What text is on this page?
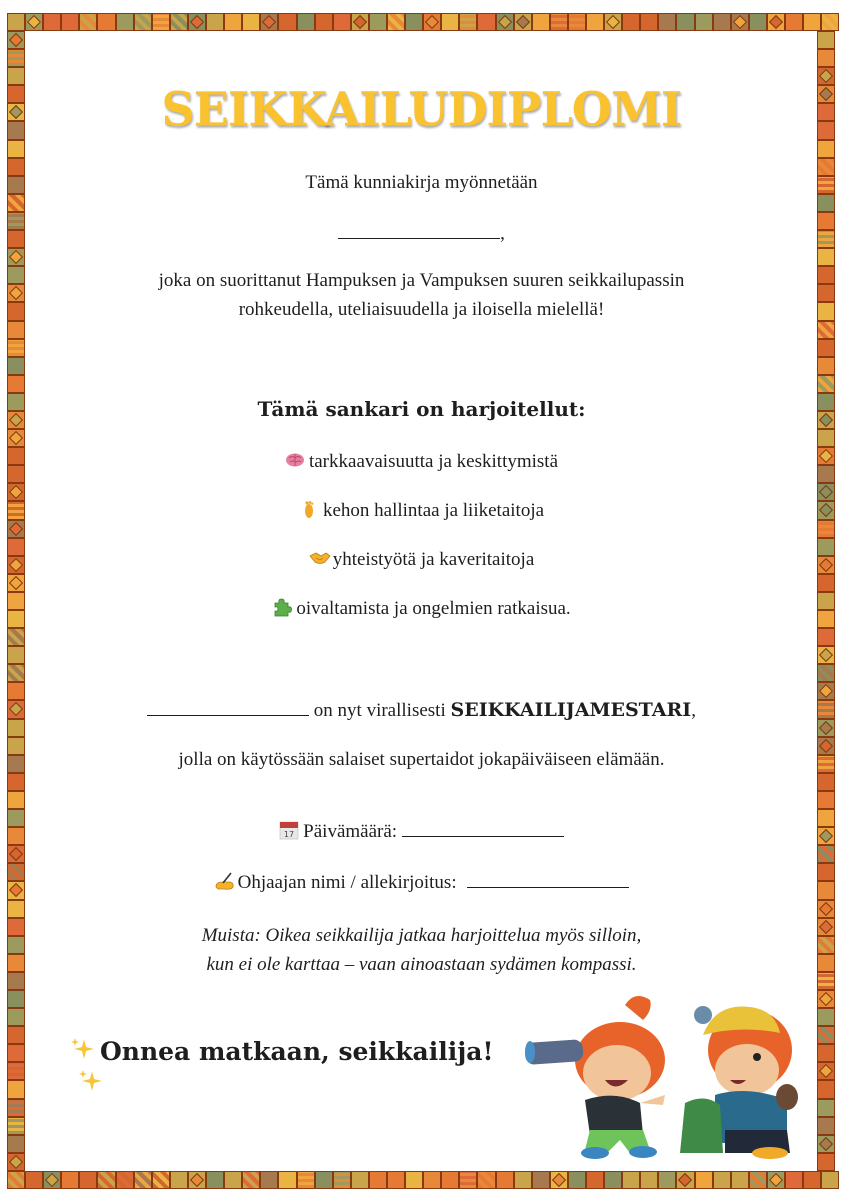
SEIKKAILUDIPLOMI
Tämä kunniakirja myönnetään
,
joka on suorittanut Hampuksen ja Vampuksen suuren seikkailupassin
rohkeudella, uteliaisuudella ja iloisella mielellä!
Tämä sankari on harjoitellut:
tarkkaavaisuutta ja keskittymistä
kehon hallintaa ja liiketaitoja
yhteistyötä ja kaveritaitoja
oivaltamista ja ongelmien ratkaisua.
on nyt virallisesti SEIKKAILIJAMESTARI,
jolla on käytössään salaiset supertaidot jokapäiväiseen elämään.
17 Päivämäärä:
Ohjaajan nimi / allekirjoitus:
Muista: Oikea seikkailija jatkaa harjoittelua myös silloin,
kun ei ole karttaa – vaan ainoastaan sydämen kompassi.
Onnea matkaan, seikkailija!
